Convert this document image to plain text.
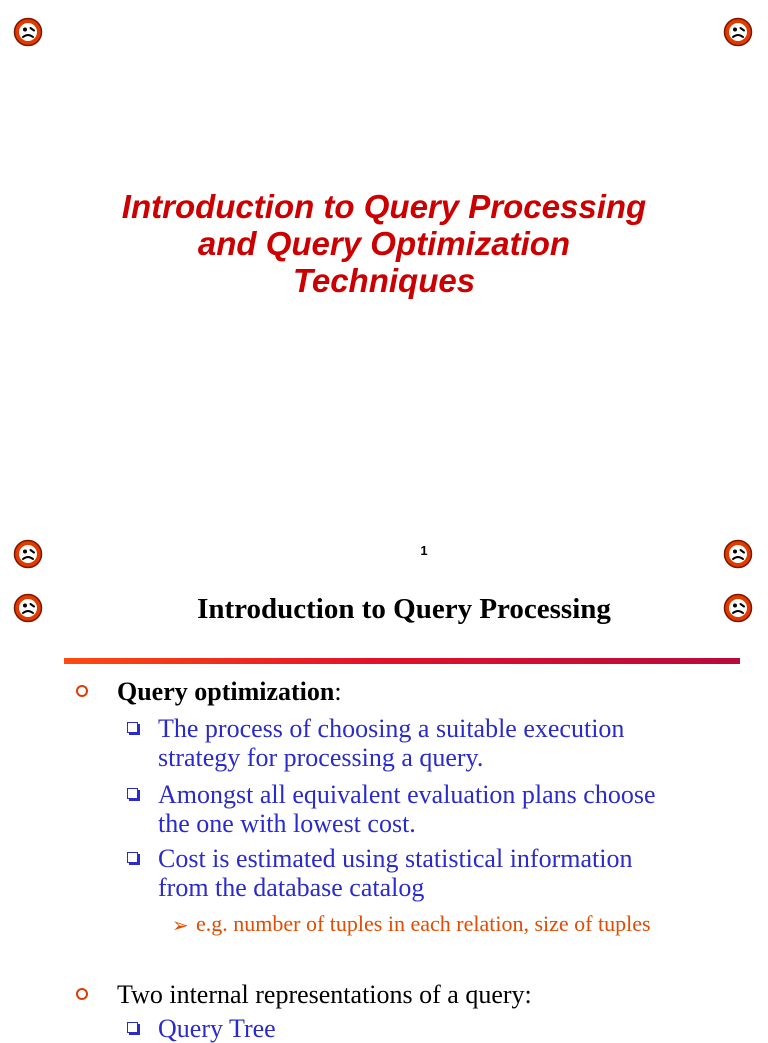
Introduction to Query Processing
and Query Optimization
Techniques
1
Introduction to Query Processing
Query optimization:
The process of choosing a suitable execution
strategy for processing a query.
Amongst all equivalent evaluation plans choose
the one with lowest cost.
Cost is estimated using statistical information
from the database catalog
➢ e.g. number of tuples in each relation, size of tuples
Two internal representations of a query:
Query Tree
